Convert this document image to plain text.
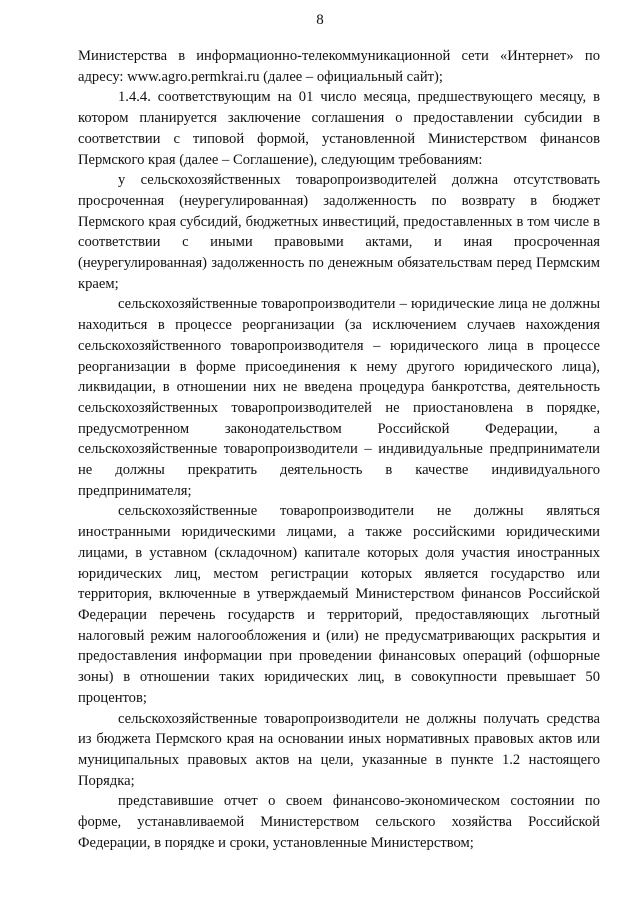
8

Министерства в информационно-телекоммуникационной сети «Интернет» по адресу: www.agro.permkrai.ru (далее – официальный сайт);

1.4.4. соответствующим на 01 число месяца, предшествующего месяцу, в котором планируется заключение соглашения о предоставлении субсидии в соответствии с типовой формой, установленной Министерством финансов Пермского края (далее – Соглашение), следующим требованиям:

у сельскохозяйственных товаропроизводителей должна отсутствовать просроченная (неурегулированная) задолженность по возврату в бюджет Пермского края субсидий, бюджетных инвестиций, предоставленных в том числе в соответствии с иными правовыми актами, и иная просроченная (неурегулированная) задолженность по денежным обязательствам перед Пермским краем;

сельскохозяйственные товаропроизводители – юридические лица не должны находиться в процессе реорганизации (за исключением случаев нахождения сельскохозяйственного товаропроизводителя – юридического лица в процессе реорганизации в форме присоединения к нему другого юридического лица), ликвидации, в отношении них не введена процедура банкротства, деятельность сельскохозяйственных товаропроизводителей не приостановлена в порядке, предусмотренном законодательством Российской Федерации, а сельскохозяйственные товаропроизводители – индивидуальные предприниматели не должны прекратить деятельность в качестве индивидуального предпринимателя;

сельскохозяйственные товаропроизводители не должны являться иностранными юридическими лицами, а также российскими юридическими лицами, в уставном (складочном) капитале которых доля участия иностранных юридических лиц, местом регистрации которых является государство или территория, включенные в утверждаемый Министерством финансов Российской Федерации перечень государств и территорий, предоставляющих льготный налоговый режим налогообложения и (или) не предусматривающих раскрытия и предоставления информации при проведении финансовых операций (офшорные зоны) в отношении таких юридических лиц, в совокупности превышает 50 процентов;

сельскохозяйственные товаропроизводители не должны получать средства из бюджета Пермского края на основании иных нормативных правовых актов или муниципальных правовых актов на цели, указанные в пункте 1.2 настоящего Порядка;

представившие отчет о своем финансово-экономическом состоянии по форме, устанавливаемой Министерством сельского хозяйства Российской Федерации, в порядке и сроки, установленные Министерством;
